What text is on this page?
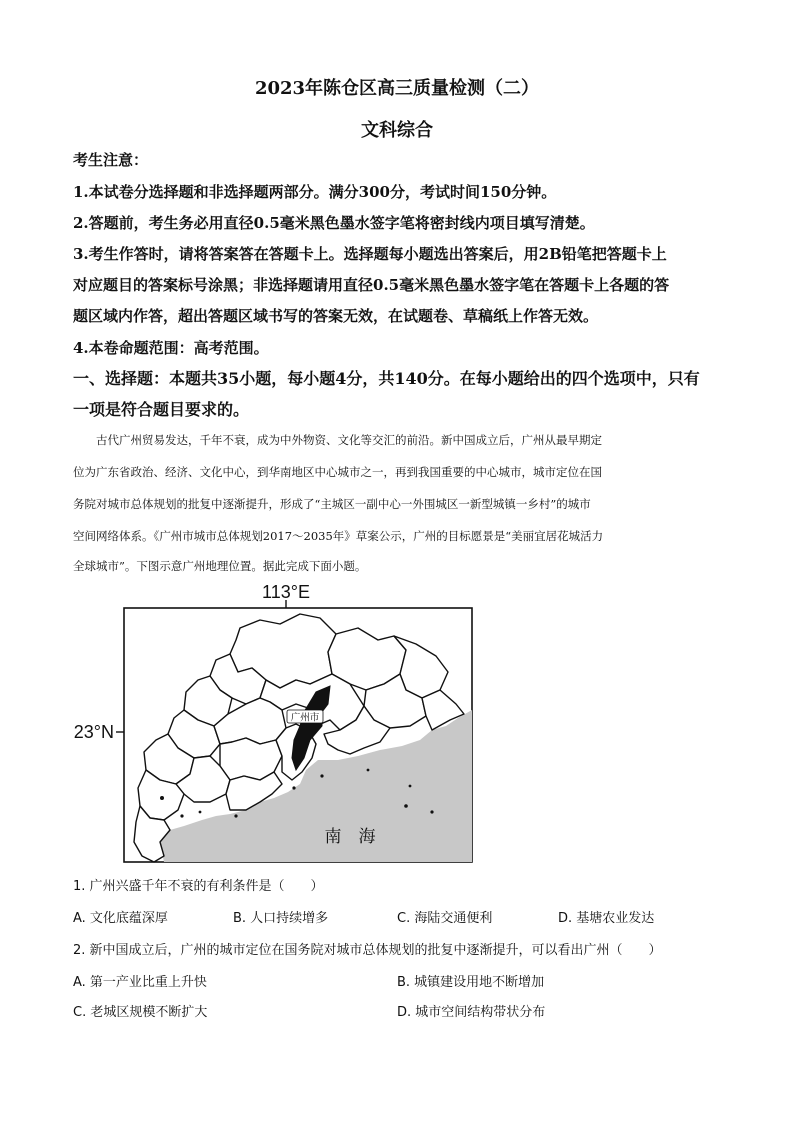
2023年陈仓区高三质量检测（二）
文科综合
考生注意：
1.本试卷分选择题和非选择题两部分。满分300分，考试时间150分钟。
2.答题前，考生务必用直径0.5毫米黑色墨水签字笔将密封线内项目填写清楚。
3.考生作答时，请将答案答在答题卡上。选择题每小题选出答案后，用2B铅笔把答题卡上
对应题目的答案标号涂黑；非选择题请用直径0.5毫米黑色墨水签字笔在答题卡上各题的答
题区域内作答，超出答题区域书写的答案无效，在试题卷、草稿纸上作答无效。
4.本卷命题范围：高考范围。
一、选择题：本题共35小题，每小题4分，共140分。在每小题给出的四个选项中，只有
一项是符合题目要求的。
古代广州贸易发达，千年不衰，成为中外物资、文化等交汇的前沿。新中国成立后，广州从最早期定
位为广东省政治、经济、文化中心，到华南地区中心城市之一，再到我国重要的中心城市，城市定位在国
务院对城市总体规划的批复中逐渐提升，形成了“主城区一副中心一外围城区一新型城镇一乡村”的城市
空间网络体系。《广州市城市总体规划2017～2035年》草案公示，广州的目标愿景是“美丽宜居花城活力
全球城市”。下图示意广州地理位置。据此完成下面小题。
113°E
23°N
广州市
南　海
1. 广州兴盛千年不衰的有利条件是（　　）
A. 文化底蕴深厚	B. 人口持续增多	C. 海陆交通便利	D. 基塘农业发达
2. 新中国成立后，广州的城市定位在国务院对城市总体规划的批复中逐渐提升，可以看出广州（　　）
A. 第一产业比重上升快	B. 城镇建设用地不断增加
C. 老城区规模不断扩大	D. 城市空间结构带状分布
